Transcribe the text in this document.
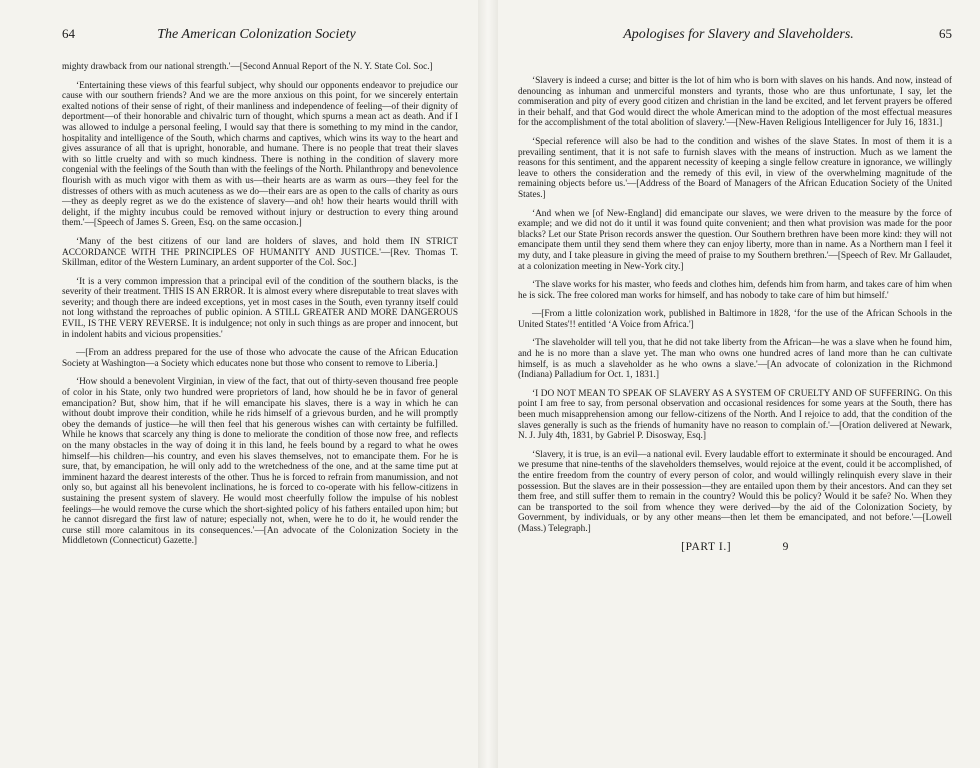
64	The American Colonization Society

mighty drawback from our national strength.'—[Second Annual Report of the N. Y. State Col. Soc.]

‘Entertaining these views of this fearful subject, why should our opponents endeavor to prejudice our cause with our southern friends? And we are the more anxious on this point, for we sincerely entertain exalted notions of their sense of right, of their manliness and independence of feeling—of their dignity of deportment—of their honorable and chivalric turn of thought, which spurns a mean act as death. And if I was allowed to indulge a personal feeling, I would say that there is something to my mind in the candor, hospitality and intelligence of the South, which charms and captives, which wins its way to the heart and gives assurance of all that is upright, honorable, and humane. There is no people that treat their slaves with so little cruelty and with so much kindness. There is nothing in the condition of slavery more congenial with the feelings of the South than with the feelings of the North. Philanthropy and benevolence flourish with as much vigor with them as with us—their hearts are as warm as ours—they feel for the distresses of others with as much acuteness as we do—their ears are as open to the calls of charity as ours—they as deeply regret as we do the existence of slavery—and oh! how their hearts would thrill with delight, if the mighty incubus could be removed without injury or destruction to every thing around them.'—[Speech of James S. Green, Esq. on the same occasion.]

‘Many of the best citizens of our land are holders of slaves, and hold them IN STRICT ACCORDANCE WITH THE PRINCIPLES OF HUMANITY AND JUSTICE.'—[Rev. Thomas T. Skillman, editor of the Western Luminary, an ardent supporter of the Col. Soc.]

‘It is a very common impression that a principal evil of the condition of the southern blacks, is the severity of their treatment. THIS IS AN ERROR. It is almost every where disreputable to treat slaves with severity; and though there are indeed exceptions, yet in most cases in the South, even tyranny itself could not long withstand the reproaches of public opinion. A STILL GREATER AND MORE DANGEROUS EVIL, IS THE VERY REVERSE. It is indulgence; not only in such things as are proper and innocent, but in indolent habits and vicious propensities.'

—[From an address prepared for the use of those who advocate the cause of the African Education Society at Washington—a Society which educates none but those who consent to remove to Liberia.]

‘How should a benevolent Virginian, in view of the fact, that out of thirty-seven thousand free people of color in his State, only two hundred were proprietors of land, how should he be in favor of general emancipation? But, show him, that if he will emancipate his slaves, there is a way in which he can without doubt improve their condition, while he rids himself of a grievous burden, and he will promptly obey the demands of justice—he will then feel that his generous wishes can with certainty be fulfilled. While he knows that scarcely any thing is done to meliorate the condition of those now free, and reflects on the many obstacles in the way of doing it in this land, he feels bound by a regard to what he owes himself—his children—his country, and even his slaves themselves, not to emancipate them. For he is sure, that, by emancipation, he will only add to the wretchedness of the one, and at the same time put at imminent hazard the dearest interests of the other. Thus he is forced to refrain from manumission, and not only so, but against all his benevolent inclinations, he is forced to co-operate with his fellow-citizens in sustaining the present system of slavery. He would most cheerfully follow the impulse of his noblest feelings—he would remove the curse which the short-sighted policy of his fathers entailed upon him; but he cannot disregard the first law of nature; especially not, when, were he to do it, he would render the curse still more calamitous in its consequences.'—[An advocate of the Colonization Society in the Middletown (Connecticut) Gazette.]

Apologises for Slavery and Slaveholders.	65

‘Slavery is indeed a curse; and bitter is the lot of him who is born with slaves on his hands. And now, instead of denouncing as inhuman and unmerciful monsters and tyrants, those who are thus unfortunate, I say, let the commiseration and pity of every good citizen and christian in the land be excited, and let fervent prayers be offered in their behalf, and that God would direct the whole American mind to the adoption of the most effectual measures for the accomplishment of the total abolition of slavery.'—[New-Haven Religious Intelligencer for July 16, 1831.]

‘Special reference will also be had to the condition and wishes of the slave States. In most of them it is a prevailing sentiment, that it is not safe to furnish slaves with the means of instruction. Much as we lament the reasons for this sentiment, and the apparent necessity of keeping a single fellow creature in ignorance, we willingly leave to others the consideration and the remedy of this evil, in view of the overwhelming magnitude of the remaining objects before us.'—[Address of the Board of Managers of the African Education Society of the United States.]

‘And when we [of New-England] did emancipate our slaves, we were driven to the measure by the force of example; and we did not do it until it was found quite convenient; and then what provision was made for the poor blacks? Let our State Prison records answer the question. Our Southern brethren have been more kind: they will not emancipate them until they send them where they can enjoy liberty, more than in name. As a Northern man I feel it my duty, and I take pleasure in giving the meed of praise to my Southern brethren.'—[Speech of Rev. Mr Gallaudet, at a colonization meeting in New-York city.]

‘The slave works for his master, who feeds and clothes him, defends him from harm, and takes care of him when he is sick. The free colored man works for himself, and has nobody to take care of him but himself.'

—[From a little colonization work, published in Baltimore in 1828, ‘for the use of the African Schools in the United States'!! entitled ‘A Voice from Africa.']

‘The slaveholder will tell you, that he did not take liberty from the African—he was a slave when he found him, and he is no more than a slave yet. The man who owns one hundred acres of land more than he can cultivate himself, is as much a slaveholder as he who owns a slave.'—[An advocate of colonization in the Richmond (Indiana) Palladium for Oct. 1, 1831.]

‘I DO NOT MEAN TO SPEAK OF SLAVERY AS A SYSTEM OF CRUELTY AND OF SUFFERING. On this point I am free to say, from personal observation and occasional residences for some years at the South, there has been much misapprehension among our fellow-citizens of the North. And I rejoice to add, that the condition of the slaves generally is such as the friends of humanity have no reason to complain of.'—[Oration delivered at Newark, N. J. July 4th, 1831, by Gabriel P. Disosway, Esq.]

‘Slavery, it is true, is an evil—a national evil. Every laudable effort to exterminate it should be encouraged. And we presume that nine-tenths of the slaveholders themselves, would rejoice at the event, could it be accomplished, of the entire freedom from the country of every person of color, and would willingly relinquish every slave in their possession. But the slaves are in their possession—they are entailed upon them by their ancestors. And can they set them free, and still suffer them to remain in the country? Would this be policy? Would it be safe? No. When they can be transported to the soil from whence they were derived—by the aid of the Colonization Society, by Government, by individuals, or by any other means—then let them be emancipated, and not before.'—[Lowell (Mass.) Telegraph.]

[PART I.]	9
